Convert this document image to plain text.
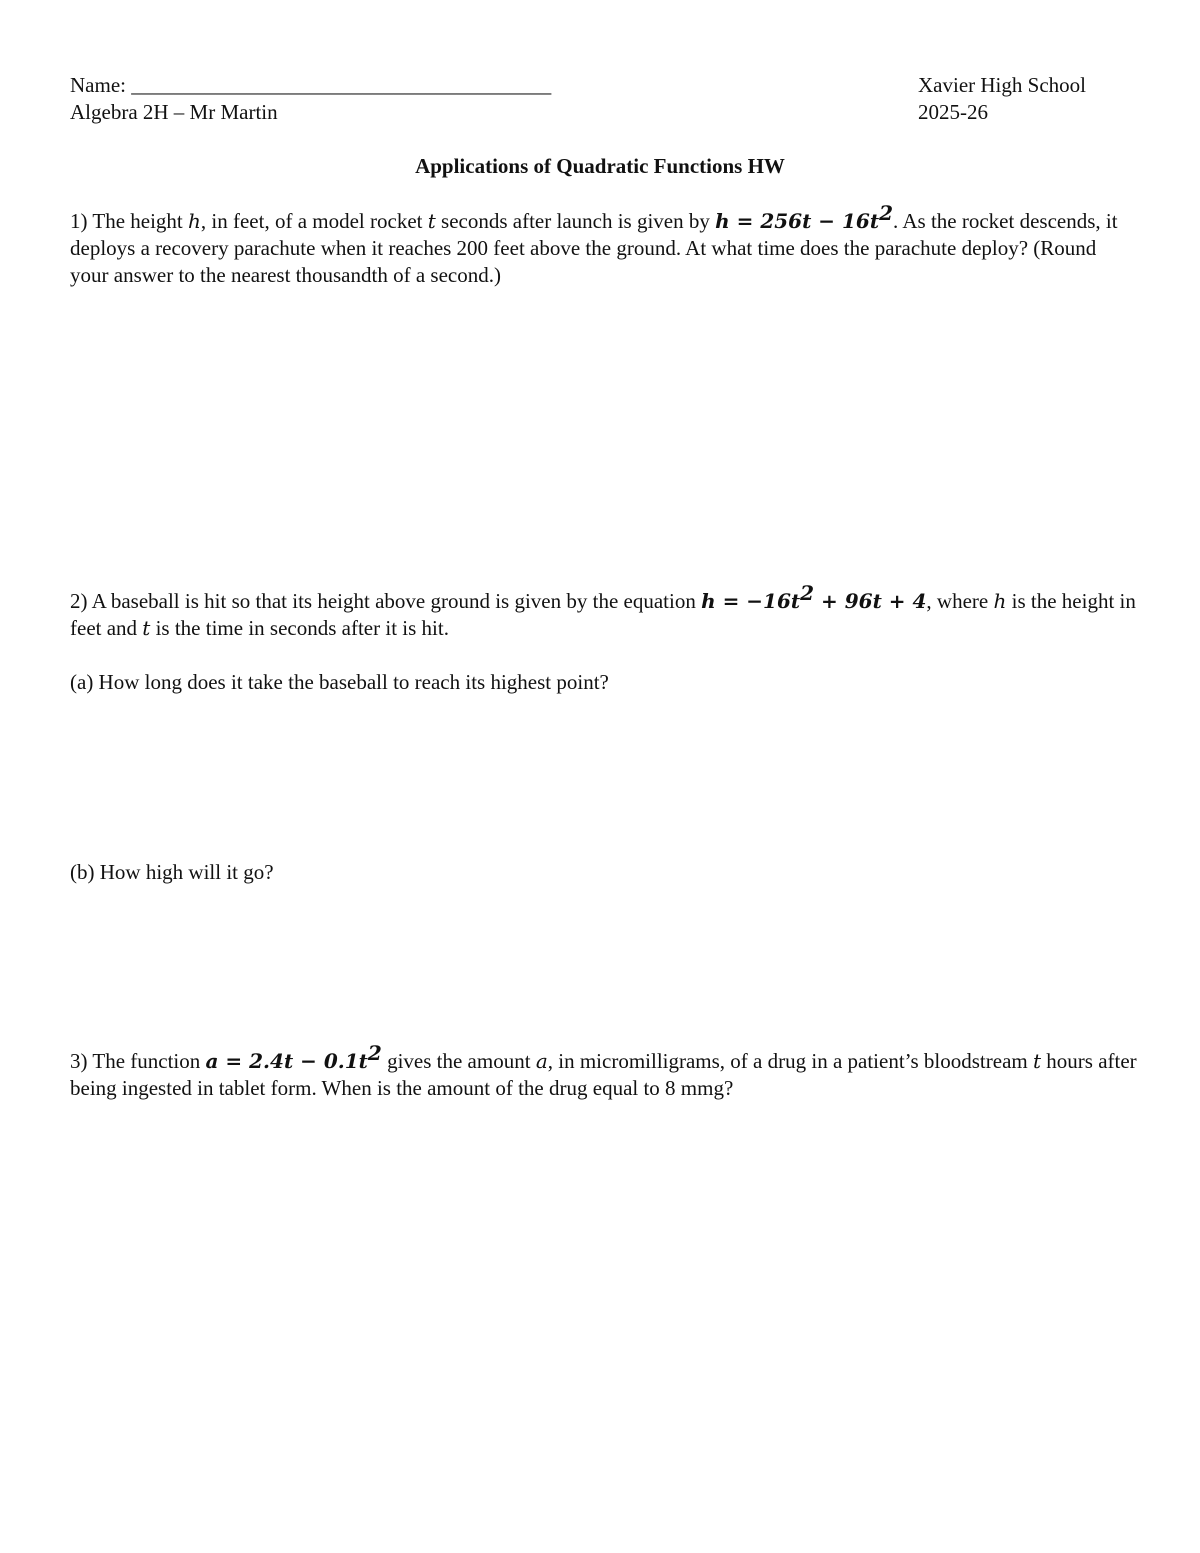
Name: ________________________________________
Algebra 2H – Mr Martin
Xavier High School
2025-26
Applications of Quadratic Functions HW
1) The height h, in feet, of a model rocket t seconds after launch is given by $h = 256t - 16t^2$. As the rocket descends, it deploys a recovery parachute when it reaches 200 feet above the ground. At what time does the parachute deploy? (Round your answer to the nearest thousandth of a second.)
2) A baseball is hit so that its height above ground is given by the equation $h = -16t^2 + 96t + 4$, where h is the height in feet and t is the time in seconds after it is hit.
(a) How long does it take the baseball to reach its highest point?
(b) How high will it go?
3) The function $a = 2.4t - 0.1t^2$ gives the amount a, in micromilligrams, of a drug in a patient’s bloodstream t hours after being ingested in tablet form. When is the amount of the drug equal to 8 mmg?
